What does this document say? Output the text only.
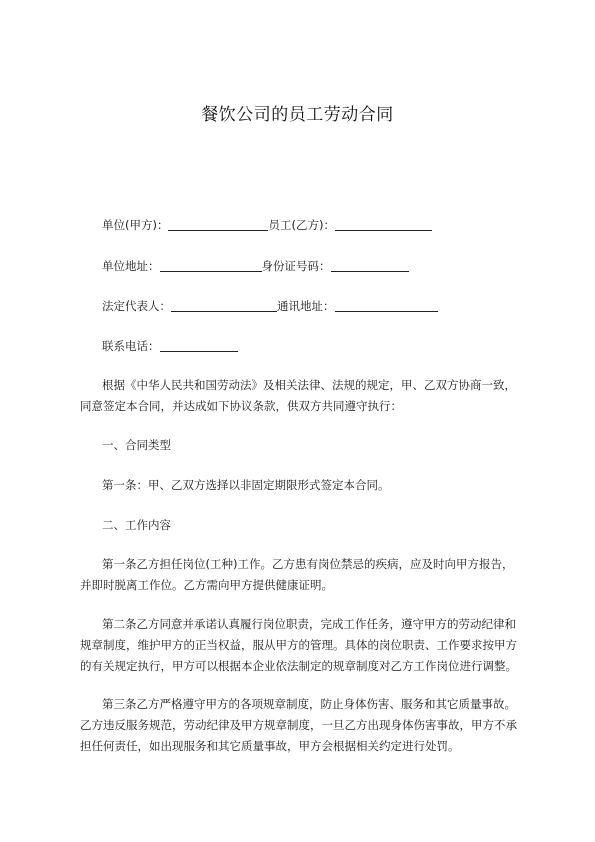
餐饮公司的员工劳动合同
单位(甲方)：	员工(乙方)：
单位地址：	身份证号码：
法定代表人：	通讯地址：
联系电话：
根据《中华人民共和国劳动法》及相关法律、法规的规定，甲、乙双方协商一致，
同意签定本合同，并达成如下协议条款，供双方共同遵守执行：
一、合同类型
第一条：甲、乙双方选择以非固定期限形式签定本合同。
二、工作内容
第一条乙方担任岗位(工种)工作。乙方患有岗位禁忌的疾病，应及时向甲方报告，
并即时脱离工作位。乙方需向甲方提供健康证明。
第二条乙方同意并承诺认真履行岗位职责，完成工作任务，遵守甲方的劳动纪律和
规章制度，维护甲方的正当权益，服从甲方的管理。具体的岗位职责、工作要求按甲方
的有关规定执行，甲方可以根据本企业依法制定的规章制度对乙方工作岗位进行调整。
第三条乙方严格遵守甲方的各项规章制度，防止身体伤害、服务和其它质量事故。
乙方违反服务规范，劳动纪律及甲方规章制度，一旦乙方出现身体伤害事故，甲方不承
担任何责任，如出现服务和其它质量事故，甲方会根据相关约定进行处罚。
